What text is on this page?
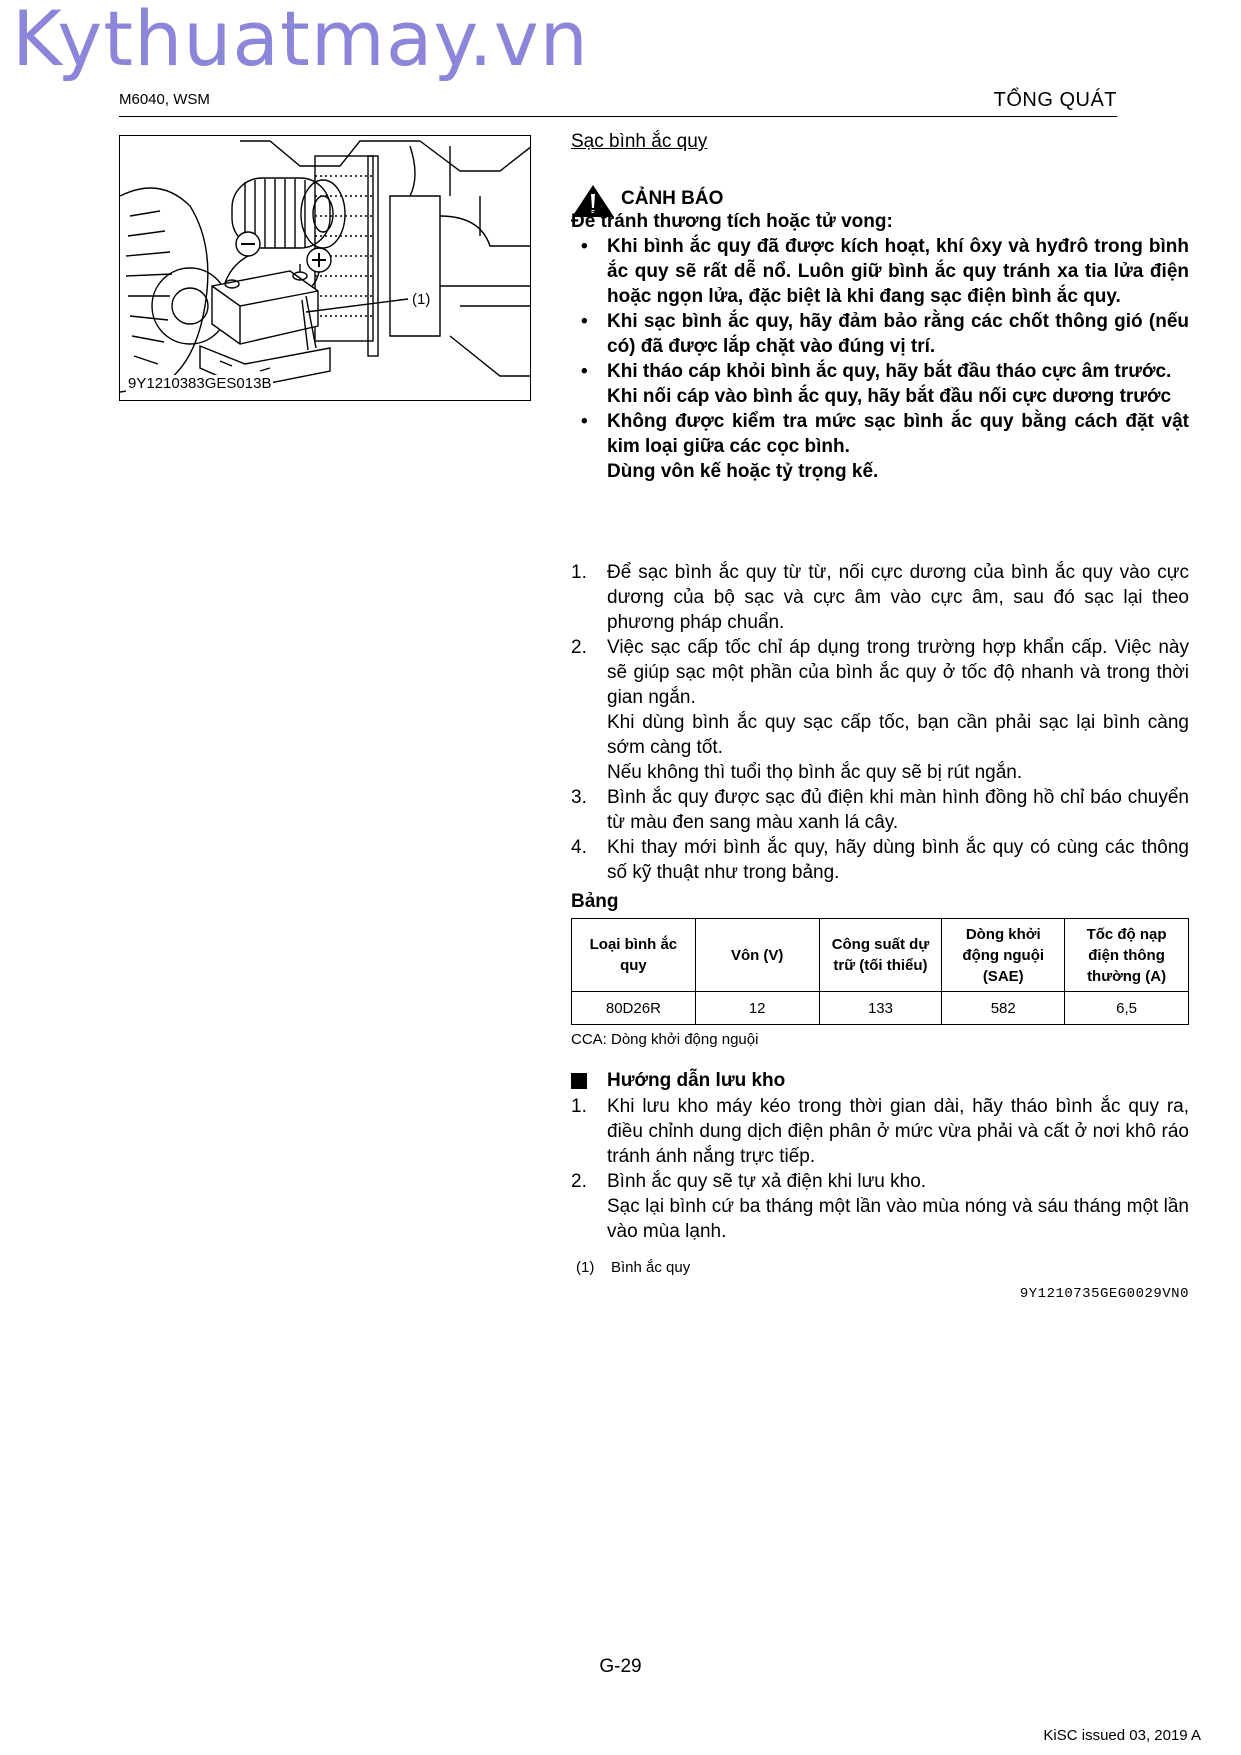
Kythuatmay.vn
M6040, WSM	TỔNG QUÁT
(1)
9Y1210383GES013B
Sạc bình ắc quy
CẢNH BÁO
Để tránh thương tích hoặc tử vong:
• Khi bình ắc quy đã được kích hoạt, khí ôxy và hyđrô trong bình ắc quy sẽ rất dễ nổ. Luôn giữ bình ắc quy tránh xa tia lửa điện hoặc ngọn lửa, đặc biệt là khi đang sạc điện bình ắc quy.
• Khi sạc bình ắc quy, hãy đảm bảo rằng các chốt thông gió (nếu có) đã được lắp chặt vào đúng vị trí.
• Khi tháo cáp khỏi bình ắc quy, hãy bắt đầu tháo cực âm trước.
Khi nối cáp vào bình ắc quy, hãy bắt đầu nối cực dương trước
• Không được kiểm tra mức sạc bình ắc quy bằng cách đặt vật kim loại giữa các cọc bình.
Dùng vôn kế hoặc tỷ trọng kế.
Để sạc bình ắc quy từ từ, nối cực dương của bình ắc quy vào cực dương của bộ sạc và cực âm vào cực âm, sau đó sạc lại theo phương pháp chuẩn.
Việc sạc cấp tốc chỉ áp dụng trong trường hợp khẩn cấp. Việc này sẽ giúp sạc một phần của bình ắc quy ở tốc độ nhanh và trong thời gian ngắn.
Khi dùng bình ắc quy sạc cấp tốc, bạn cần phải sạc lại bình càng sớm càng tốt.
Nếu không thì tuổi thọ bình ắc quy sẽ bị rút ngắn.
Bình ắc quy được sạc đủ điện khi màn hình đồng hồ chỉ báo chuyển từ màu đen sang màu xanh lá cây.
Khi thay mới bình ắc quy, hãy dùng bình ắc quy có cùng các thông số kỹ thuật như trong bảng.
Bảng
Loại bình ắc quy	Vôn (V)	Công suất dự trữ (tối thiểu)	Dòng khởi động nguội (SAE)	Tốc độ nạp điện thông thường (A)
80D26R	12	133	582	6,5
CCA: Dòng khởi động nguội
Hướng dẫn lưu kho
Khi lưu kho máy kéo trong thời gian dài, hãy tháo bình ắc quy ra, điều chỉnh dung dịch điện phân ở mức vừa phải và cất ở nơi khô ráo tránh ánh nắng trực tiếp.
Bình ắc quy sẽ tự xả điện khi lưu kho.
Sạc lại bình cứ ba tháng một lần vào mùa nóng và sáu tháng một lần vào mùa lạnh.
(1) Bình ắc quy
9Y1210735GEG0029VN0
G-29
KiSC issued 03, 2019 A
